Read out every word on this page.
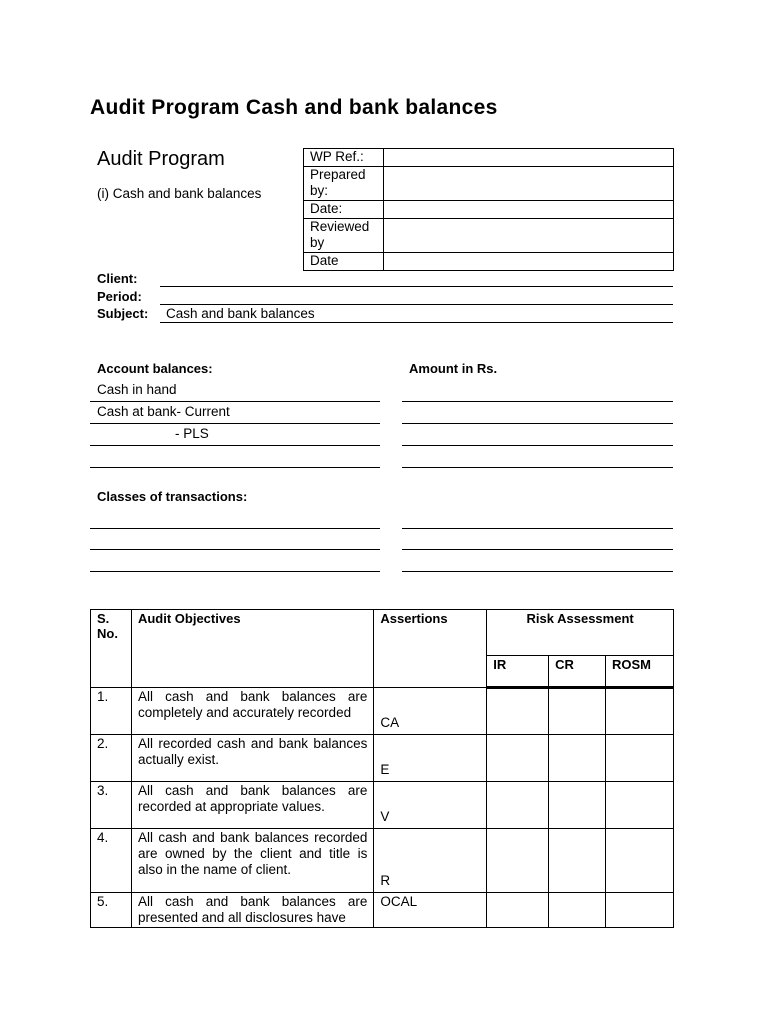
Audit Program Cash and bank balances
Audit Program
(i) Cash and bank balances
WP Ref.:	
Prepared by:	
Date:	
Reviewed by	
Date	
Client:
Period:
Subject: Cash and bank balances
Account balances:	Amount in Rs.
Cash in hand
Cash at bank- Current
- PLS
Classes of transactions:
S. No.	Audit Objectives	Assertions	Risk Assessment		
			IR	CR	ROSM
1.	All cash and bank balances are completely and accurately recorded	CA			
2.	All recorded cash and bank balances actually exist.	E			
3.	All cash and bank balances are recorded at appropriate values.	V			
4.	All cash and bank balances recorded are owned by the client and title is also in the name of client.	R			
5.	All cash and bank balances are presented and all disclosures have	OCAL			
